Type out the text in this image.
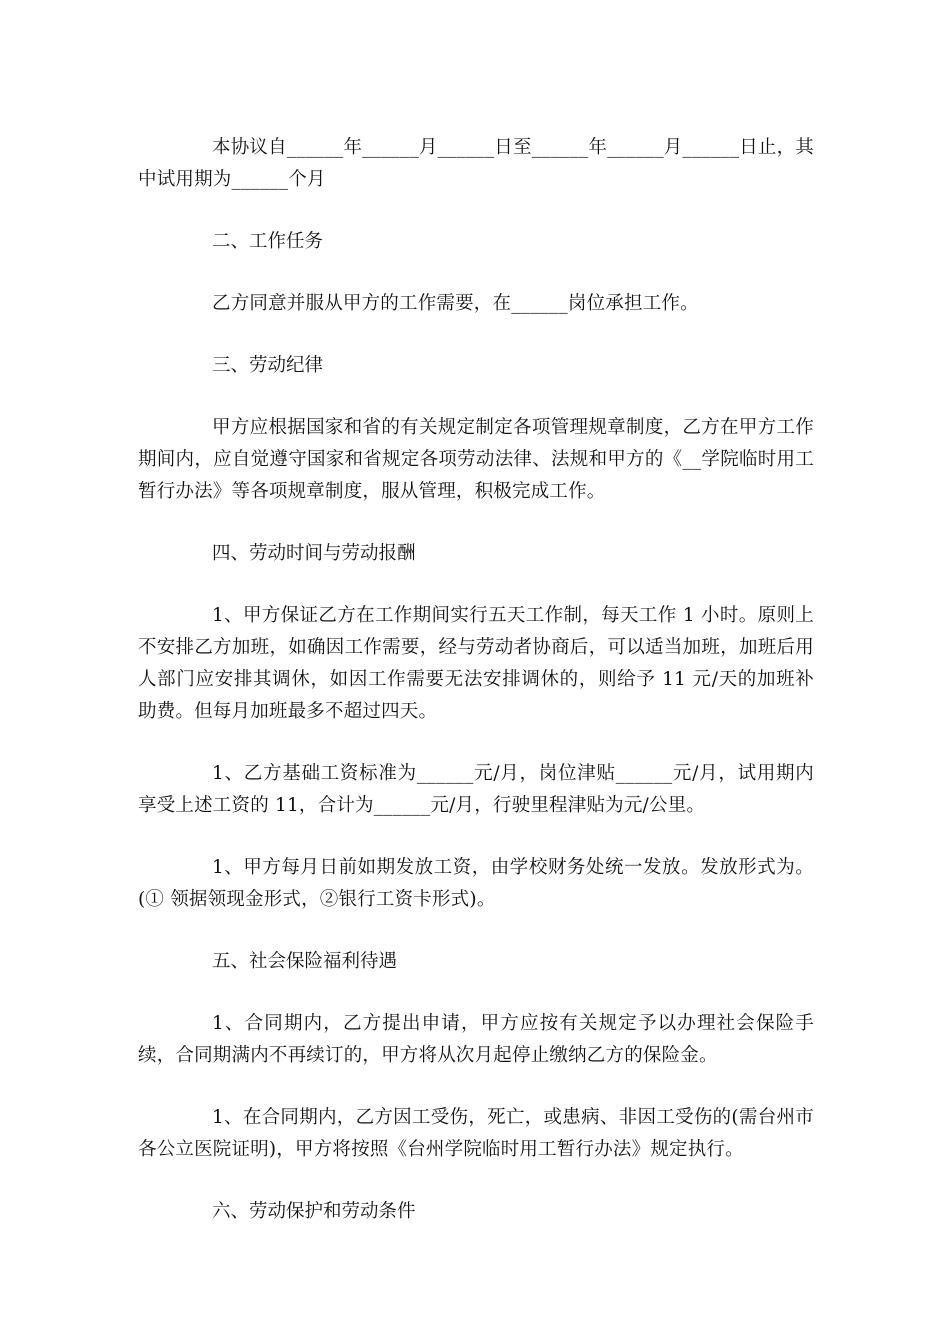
本协议自______年______月______日至______年______月______日止，其中试用期为______个月

二、工作任务

乙方同意并服从甲方的工作需要，在______岗位承担工作。

三、劳动纪律

甲方应根据国家和省的有关规定制定各项管理规章制度，乙方在甲方工作期间内，应自觉遵守国家和省规定各项劳动法律、法规和甲方的《__学院临时用工暂行办法》等各项规章制度，服从管理，积极完成工作。

四、劳动时间与劳动报酬

1、甲方保证乙方在工作期间实行五天工作制，每天工作 1 小时。原则上不安排乙方加班，如确因工作需要，经与劳动者协商后，可以适当加班，加班后用人部门应安排其调休，如因工作需要无法安排调休的，则给予 11 元/天的加班补助费。但每月加班最多不超过四天。

1、乙方基础工资标准为______元/月，岗位津贴______元/月，试用期内享受上述工资的 11，合计为______元/月，行驶里程津贴为元/公里。

1、甲方每月日前如期发放工资，由学校财务处统一发放。发放形式为。(① 领据领现金形式，②银行工资卡形式)。

五、社会保险福利待遇

1、合同期内，乙方提出申请，甲方应按有关规定予以办理社会保险手续，合同期满内不再续订的，甲方将从次月起停止缴纳乙方的保险金。

1、在合同期内，乙方因工受伤，死亡，或患病、非因工受伤的(需台州市各公立医院证明)，甲方将按照《台州学院临时用工暂行办法》规定执行。

六、劳动保护和劳动条件
